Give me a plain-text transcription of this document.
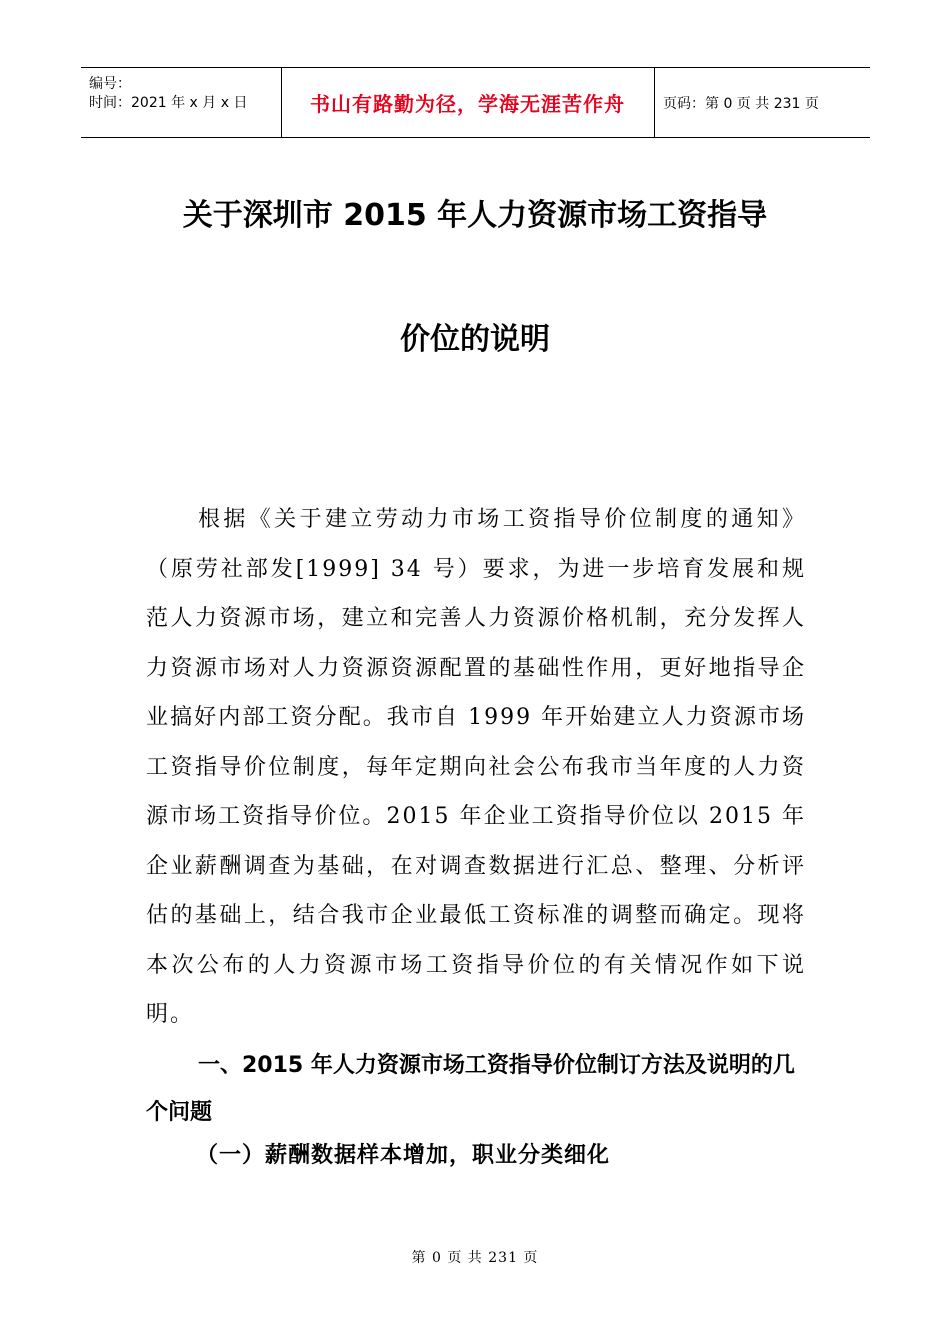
编号：
时间：2021 年 x 月 x 日	书山有路勤为径，学海无涯苦作舟	页码：第 0 页 共 231 页
关于深圳市 2015 年人力资源市场工资指导
价位的说明
根据《关于建立劳动力市场工资指导价位制度的通知》（原劳社部发[1999] 34 号）要求，为进一步培育发展和规范人力资源市场，建立和完善人力资源价格机制，充分发挥人力资源市场对人力资源资源配置的基础性作用，更好地指导企业搞好内部工资分配。我市自 1999 年开始建立人力资源市场工资指导价位制度，每年定期向社会公布我市当年度的人力资源市场工资指导价位。2015 年企业工资指导价位以 2015 年企业薪酬调查为基础，在对调查数据进行汇总、整理、分析评估的基础上，结合我市企业最低工资标准的调整而确定。现将本次公布的人力资源市场工资指导价位的有关情况作如下说明。
一、2015 年人力资源市场工资指导价位制订方法及说明的几个问题
（一）薪酬数据样本增加，职业分类细化
第 0 页 共 231 页
